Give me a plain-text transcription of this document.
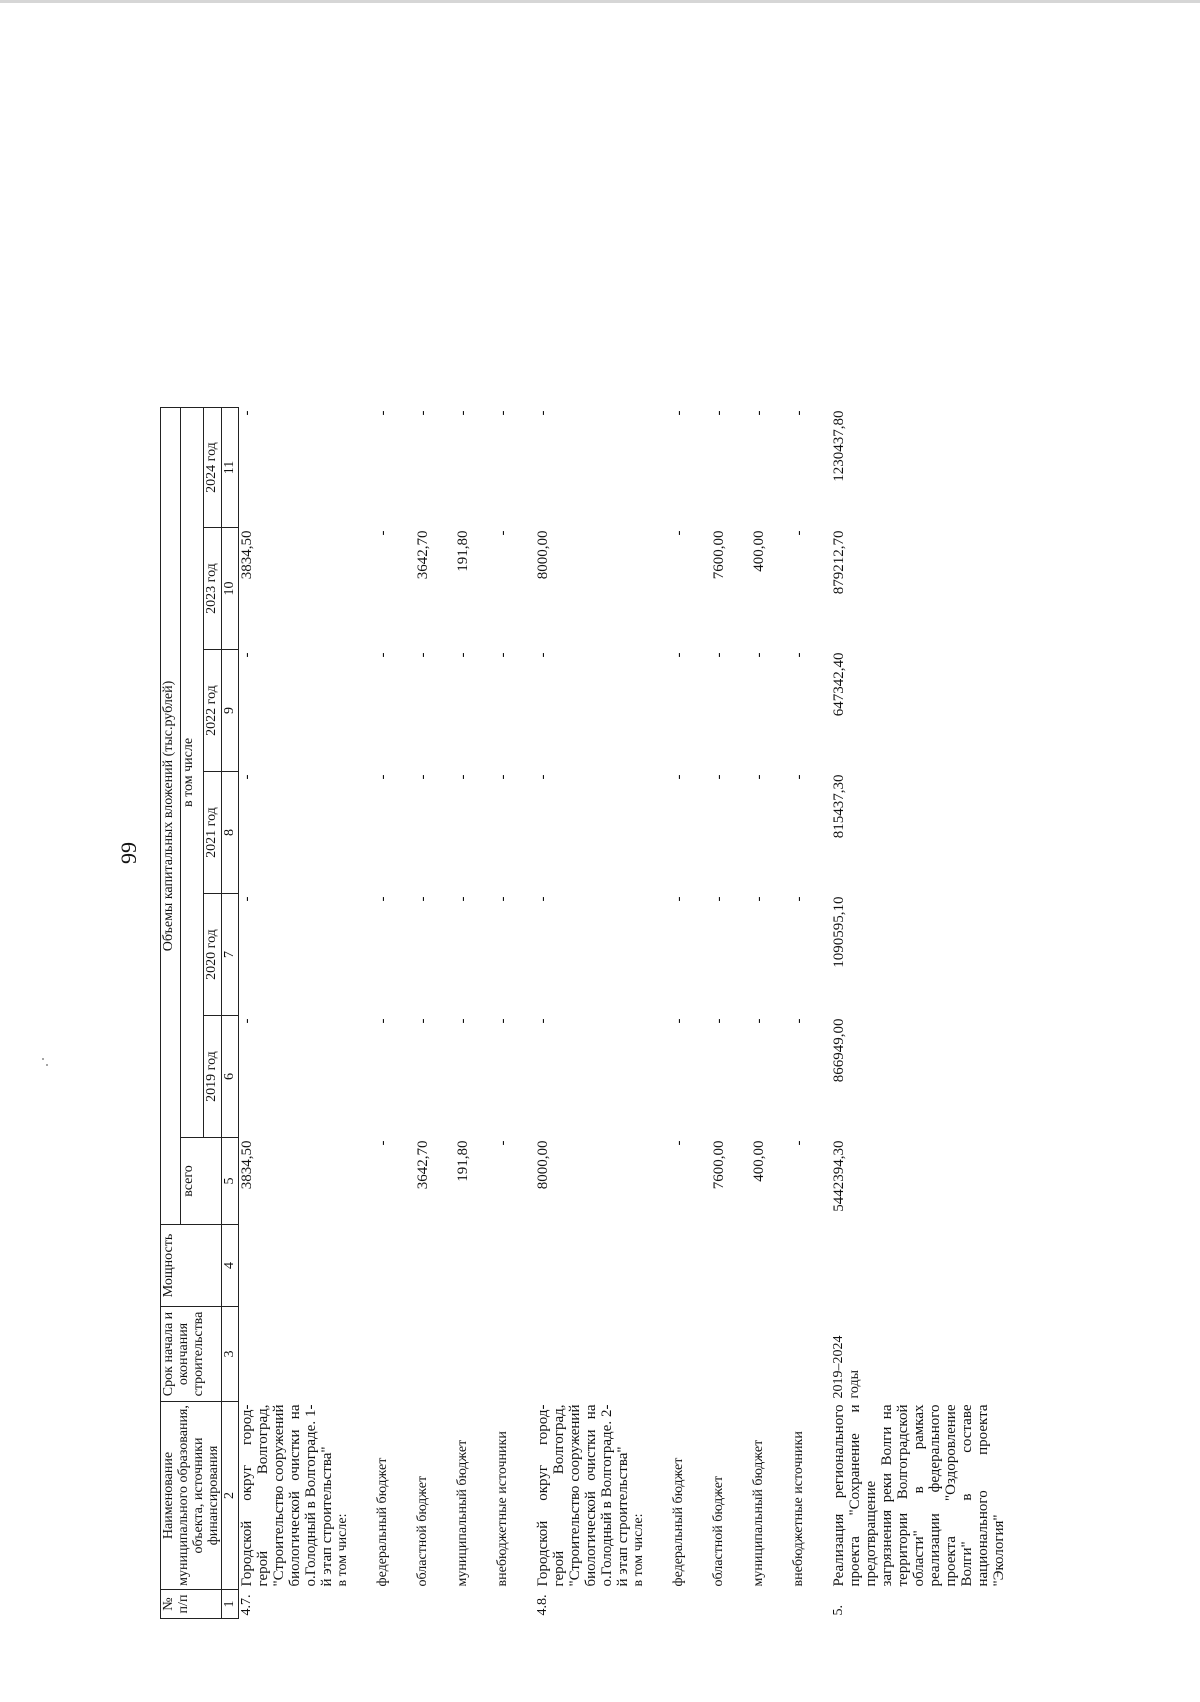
99
№ п/п	Наименование муниципального образования, объекта, источники финансирования	Срок начала и окончания строительства	Мощность	Объемы капитальных вложений (тыс.рублей)						
				всего	в том числе					
					2019 год	2020 год	2021 год	2022 год	2023 год	2024 год
1	2	3	4	5	6	7	8	9	10	11
4.7.	Городской округ город-герой Волгоград, "Строительство сооружений биологической очистки на о.Голодный в Волгограде. 1-й этап строительства"			3834,50	-	-	-	-	3834,50	-
	в том числе:									
	федеральный бюджет			-	-	-	-	-	-	-
	областной бюджет			3642,70	-	-	-	-	3642,70	-
	муниципальный бюджет			191,80	-	-	-	-	191,80	-
	внебюджетные источники			-	-	-	-	-	-	-
4.8.	Городской округ город-герой Волгоград, "Строительство сооружений биологической очистки на о.Голодный в Волгограде. 2-й этап строительства"			8000,00	-	-	-	-	8000,00	-
	в том числе:									
	федеральный бюджет			-	-	-	-	-	-	-
	областной бюджет			7600,00	-	-	-	-	7600,00	-
	муниципальный бюджет			400,00	-	-	-	-	400,00	-
	внебюджетные источники			-	-	-	-	-	-	-
5.	Реализация регионального проекта "Сохранение и предотвращение загрязнения реки Волги на территории Волгоградской области" в рамках реализации федерального проекта "Оздоровление Волги" в составе национального проекта "Экология"	2019–2024 годы		5442394,30	866949,00	1090595,10	815437,30	647342,40	879212,70	1230437,80
